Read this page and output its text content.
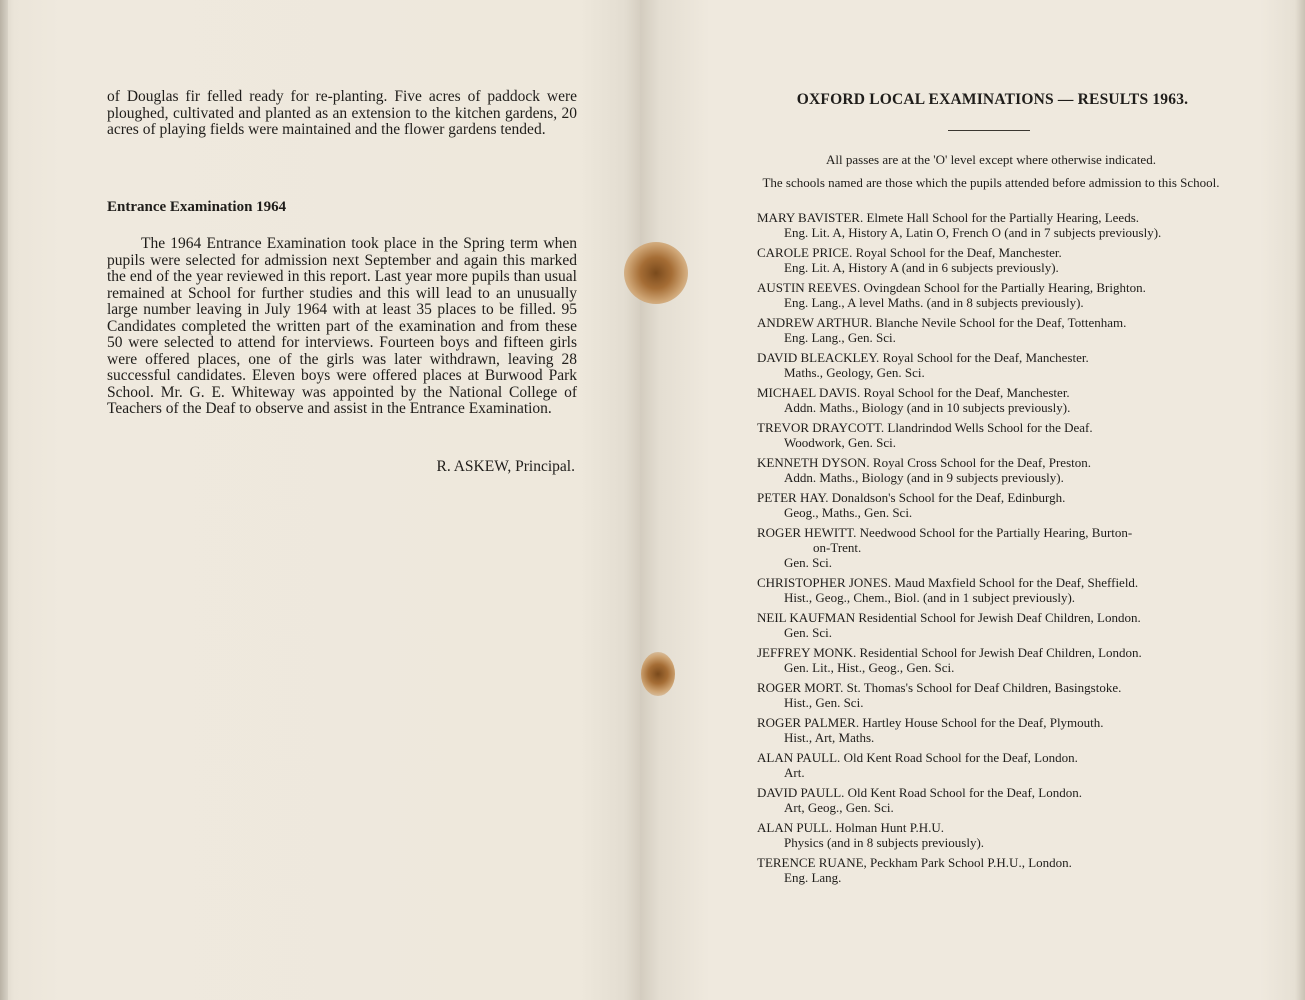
of Douglas fir felled ready for re-planting. Five acres of paddock were ploughed, cultivated and planted as an extension to the kitchen gardens, 20 acres of playing fields were maintained and the flower gardens tended.
Entrance Examination 1964
The 1964 Entrance Examination took place in the Spring term when pupils were selected for admission next September and again this marked the end of the year reviewed in this report. Last year more pupils than usual remained at School for further studies and this will lead to an unusually large number leaving in July 1964 with at least 35 places to be filled. 95 Candidates completed the written part of the examination and from these 50 were selected to attend for interviews. Fourteen boys and fifteen girls were offered places, one of the girls was later withdrawn, leaving 28 successful candidates. Eleven boys were offered places at Burwood Park School. Mr. G. E. Whiteway was appointed by the National College of Teachers of the Deaf to observe and assist in the Entrance Examination.
R. ASKEW, Principal.
OXFORD LOCAL EXAMINATIONS — RESULTS 1963.
All passes are at the 'O' level except where otherwise indicated.
The schools named are those which the pupils attended before admission to this School.
MARY BAVISTER. Elmete Hall School for the Partially Hearing, Leeds.
Eng. Lit. A, History A, Latin O, French O (and in 7 subjects previously).
CAROLE PRICE. Royal School for the Deaf, Manchester.
Eng. Lit. A, History A (and in 6 subjects previously).
AUSTIN REEVES. Ovingdean School for the Partially Hearing, Brighton.
Eng. Lang., A level Maths. (and in 8 subjects previously).
ANDREW ARTHUR. Blanche Nevile School for the Deaf, Tottenham.
Eng. Lang., Gen. Sci.
DAVID BLEACKLEY. Royal School for the Deaf, Manchester.
Maths., Geology, Gen. Sci.
MICHAEL DAVIS. Royal School for the Deaf, Manchester.
Addn. Maths., Biology (and in 10 subjects previously).
TREVOR DRAYCOTT. Llandrindod Wells School for the Deaf.
Woodwork, Gen. Sci.
KENNETH DYSON. Royal Cross School for the Deaf, Preston.
Addn. Maths., Biology (and in 9 subjects previously).
PETER HAY. Donaldson's School for the Deaf, Edinburgh.
Geog., Maths., Gen. Sci.
ROGER HEWITT. Needwood School for the Partially Hearing, Burton-
on-Trent.
Gen. Sci.
CHRISTOPHER JONES. Maud Maxfield School for the Deaf, Sheffield.
Hist., Geog., Chem., Biol. (and in 1 subject previously).
NEIL KAUFMAN Residential School for Jewish Deaf Children, London.
Gen. Sci.
JEFFREY MONK. Residential School for Jewish Deaf Children, London.
Gen. Lit., Hist., Geog., Gen. Sci.
ROGER MORT. St. Thomas's School for Deaf Children, Basingstoke.
Hist., Gen. Sci.
ROGER PALMER. Hartley House School for the Deaf, Plymouth.
Hist., Art, Maths.
ALAN PAULL. Old Kent Road School for the Deaf, London.
Art.
DAVID PAULL. Old Kent Road School for the Deaf, London.
Art, Geog., Gen. Sci.
ALAN PULL. Holman Hunt P.H.U.
Physics (and in 8 subjects previously).
TERENCE RUANE, Peckham Park School P.H.U., London.
Eng. Lang.
